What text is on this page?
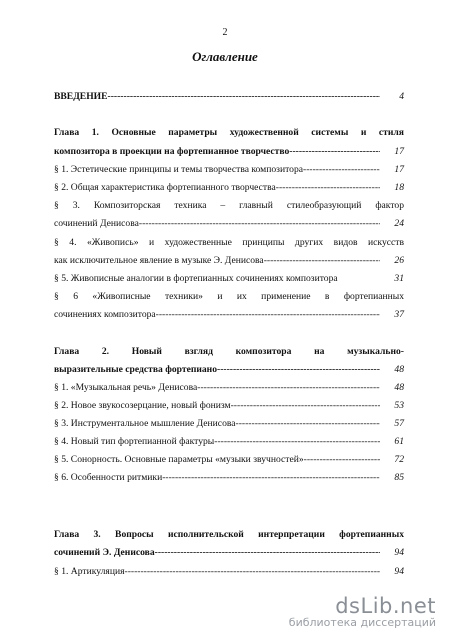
2
Оглавление
ВВЕДЕНИЕ -----	4
Глава 1. Основные параметры художественной системы и стиля
композитора в проекции на фортепианное творчество -----	17
§ 1. Эстетические принципы и темы творчества композитора -----	17
§ 2. Общая характеристика фортепианного творчества -----	18
§ 3. Композиторская техника – главный стилеобразующий фактор
сочинений Денисова -----	24
§ 4. «Живопись» и художественные принципы других видов искусств
как исключительное явление в музыке Э. Денисова -----	26
§ 5. Живописные аналогии в фортепианных сочинениях композитора	31
§ 6 «Живописные техники» и их применение в фортепианных
сочинениях композитора -----	37
Глава 2. Новый взгляд композитора на музыкально-
выразительные средства фортепиано -----	48
§ 1. «Музыкальная речь» Денисова -----	48
§ 2. Новое звукосозерцание, новый фонизм -----	53
§ 3. Инструментальное мышление Денисова -----	57
§ 4. Новый тип фортепианной фактуры -----	61
§ 5. Сонорность. Основные параметры «музыки звучностей» -----	72
§ 6. Особенности ритмики -----	85
Глава 3. Вопросы исполнительской интерпретации фортепианных
сочинений Э. Денисова -----	94
§ 1. Артикуляция -----	94
dsLib.net
библиотека диссертаций
